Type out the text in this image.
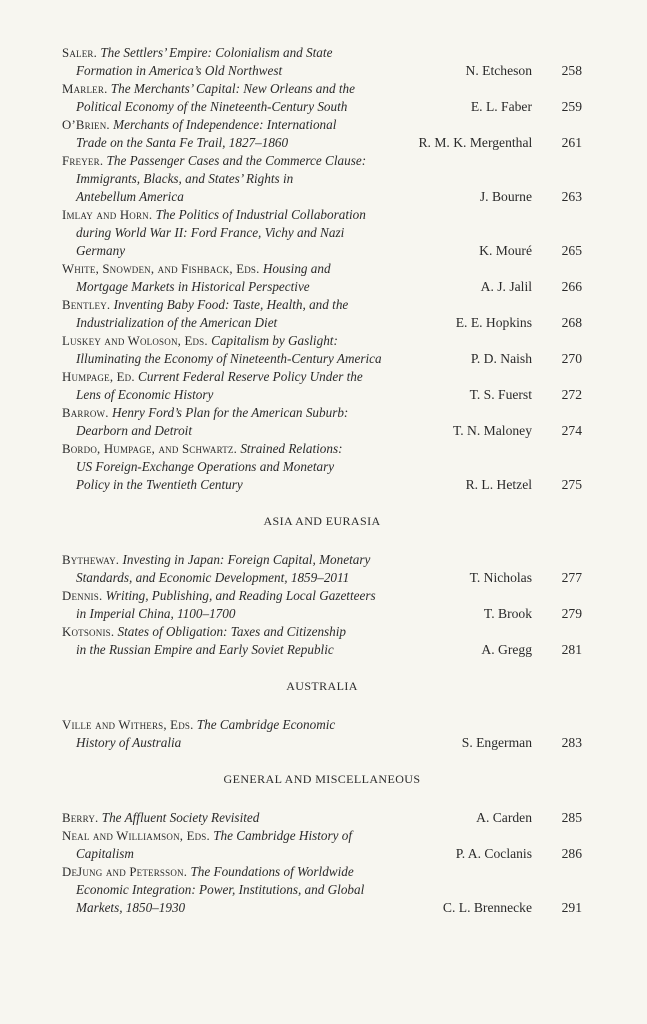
Saler. The Settlers’ Empire: Colonialism and State
Formation in America’s Old Northwest	N. Etcheson	258
Marler. The Merchants’ Capital: New Orleans and the
Political Economy of the Nineteenth-Century South	E. L. Faber	259
O’Brien. Merchants of Independence: International
Trade on the Santa Fe Trail, 1827–1860	R. M. K. Mergenthal	261
Freyer. The Passenger Cases and the Commerce Clause:
Immigrants, Blacks, and States’ Rights in
Antebellum America	J. Bourne	263
Imlay and Horn. The Politics of Industrial Collaboration
during World War II: Ford France, Vichy and Nazi
Germany	K. Mouré	265
White, Snowden, and Fishback, Eds. Housing and
Mortgage Markets in Historical Perspective	A. J. Jalil	266
Bentley. Inventing Baby Food: Taste, Health, and the
Industrialization of the American Diet	E. E. Hopkins	268
Luskey and Woloson, Eds. Capitalism by Gaslight:
Illuminating the Economy of Nineteenth-Century America	P. D. Naish	270
Humpage, Ed. Current Federal Reserve Policy Under the
Lens of Economic History	T. S. Fuerst	272
Barrow. Henry Ford’s Plan for the American Suburb:
Dearborn and Detroit	T. N. Maloney	274
Bordo, Humpage, and Schwartz. Strained Relations:
US Foreign-Exchange Operations and Monetary
Policy in the Twentieth Century	R. L. Hetzel	275
ASIA AND EURASIA
Bytheway. Investing in Japan: Foreign Capital, Monetary
Standards, and Economic Development, 1859–2011	T. Nicholas	277
Dennis. Writing, Publishing, and Reading Local Gazetteers
in Imperial China, 1100–1700	T. Brook	279
Kotsonis. States of Obligation: Taxes and Citizenship
in the Russian Empire and Early Soviet Republic	A. Gregg	281
AUSTRALIA
Ville and Withers, Eds. The Cambridge Economic
History of Australia	S. Engerman	283
GENERAL AND MISCELLANEOUS
Berry. The Affluent Society Revisited	A. Carden	285
Neal and Williamson, Eds. The Cambridge History of
Capitalism	P. A. Coclanis	286
DeJung and Petersson. The Foundations of Worldwide
Economic Integration: Power, Institutions, and Global
Markets, 1850–1930	C. L. Brennecke	291
